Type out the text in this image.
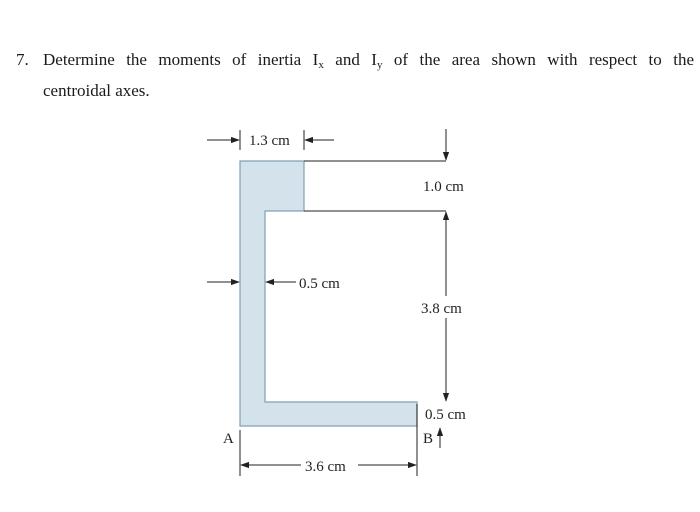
7. Determine the moments of inertia $I_x$ and $I_y$ of the area shown with respect to the
centroidal axes.
1.3 cm
1.0 cm
3.8 cm
0.5 cm
0.5 cm
B
A
3.6 cm
